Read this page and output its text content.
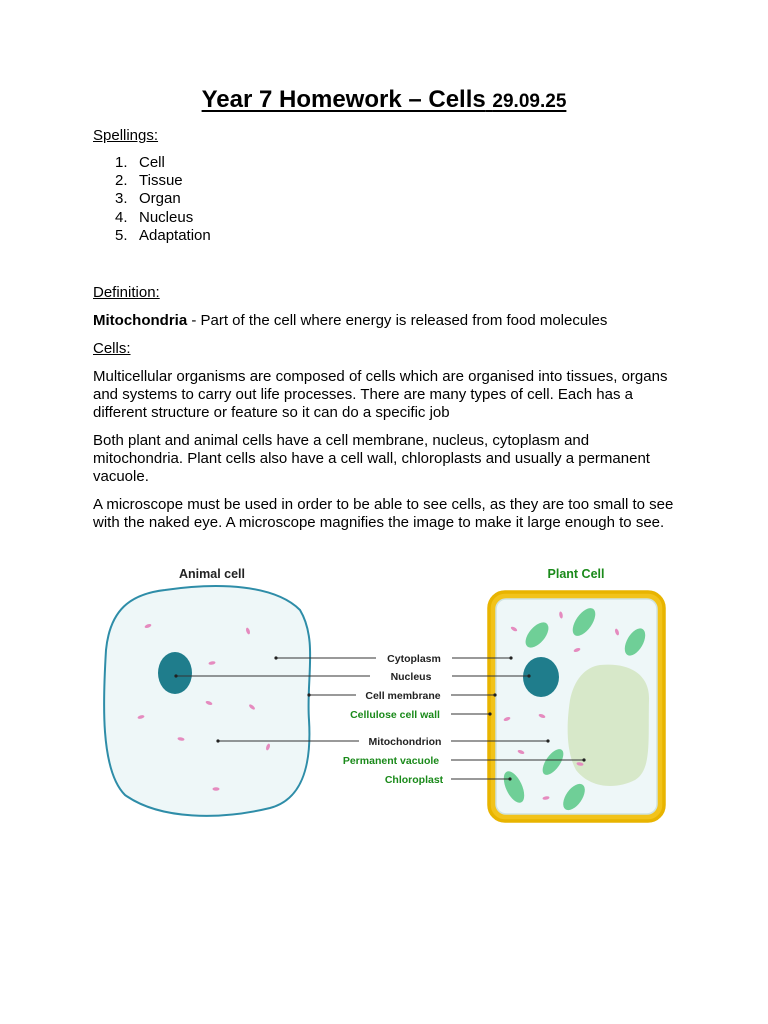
Year 7 Homework – Cells 29.09.25

Spellings:

1. Cell
2. Tissue
3. Organ
4. Nucleus
5. Adaptation

Definition:

Mitochondria - Part of the cell where energy is released from food molecules

Cells:

Multicellular organisms are composed of cells which are organised into tissues, organs and systems to carry out life processes. There are many types of cell. Each has a different structure or feature so it can do a specific job

Both plant and animal cells have a cell membrane, nucleus, cytoplasm and mitochondria. Plant cells also have a cell wall, chloroplasts and usually a permanent vacuole.

A microscope must be used in order to be able to see cells, as they are too small to see with the naked eye. A microscope magnifies the image to make it large enough to see.

Animal cell	Plant Cell
Cytoplasm
Nucleus
Cell membrane
Cellulose cell wall
Mitochondrion
Permanent vacuole
Chloroplast
